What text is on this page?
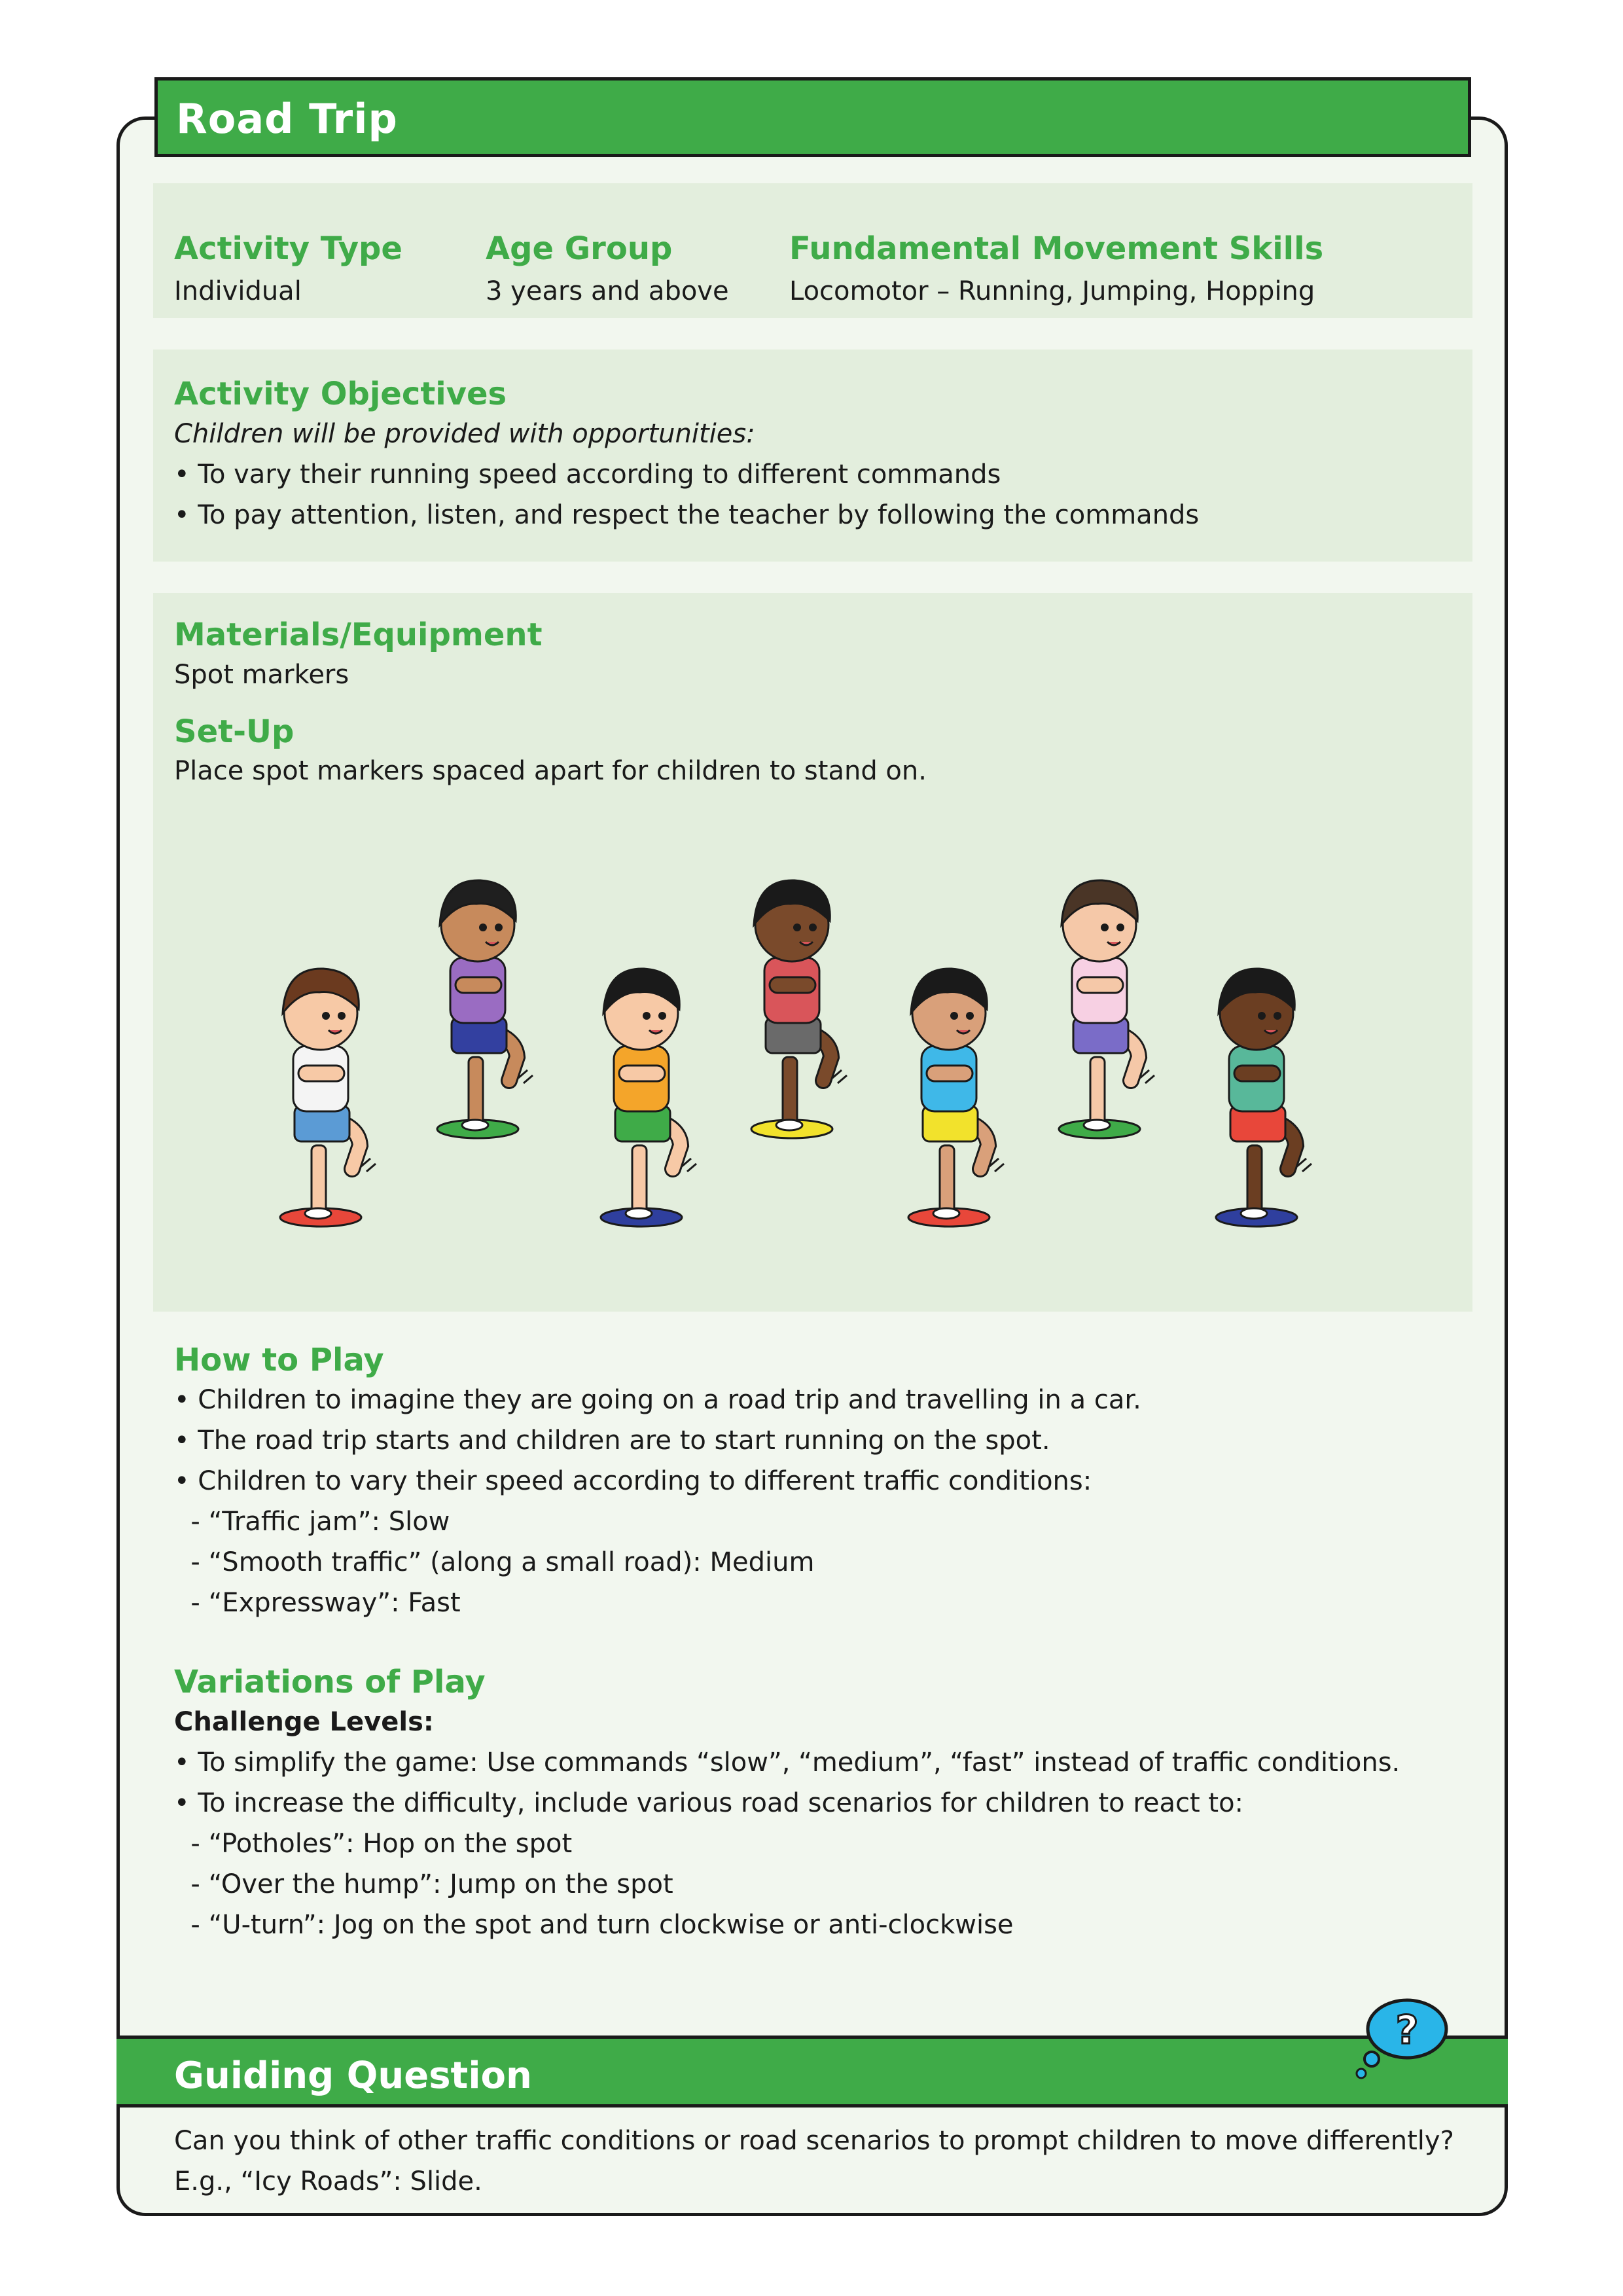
Road Trip
Activity Type
Individual
Age Group
3 years and above
Fundamental Movement Skills
Locomotor – Running, Jumping, Hopping
Activity Objectives
Children will be provided with opportunities:
• To vary their running speed according to different commands
• To pay attention, listen, and respect the teacher by following the commands
Materials/Equipment
Spot markers
Set-Up
Place spot markers spaced apart for children to stand on.
How to Play
• Children to imagine they are going on a road trip and travelling in a car.
• The road trip starts and children are to start running on the spot.
• Children to vary their speed according to different traffic conditions:
- “Traffic jam”: Slow
- “Smooth traffic” (along a small road): Medium
- “Expressway”: Fast
Variations of Play
Challenge Levels:
• To simplify the game: Use commands “slow”, “medium”, “fast” instead of traffic conditions.
• To increase the difficulty, include various road scenarios for children to react to:
- “Potholes”: Hop on the spot
- “Over the hump”: Jump on the spot
- “U-turn”: Jog on the spot and turn clockwise or anti-clockwise
Guiding Question
?
Can you think of other traffic conditions or road scenarios to prompt children to move differently?
E.g., “Icy Roads”: Slide.
